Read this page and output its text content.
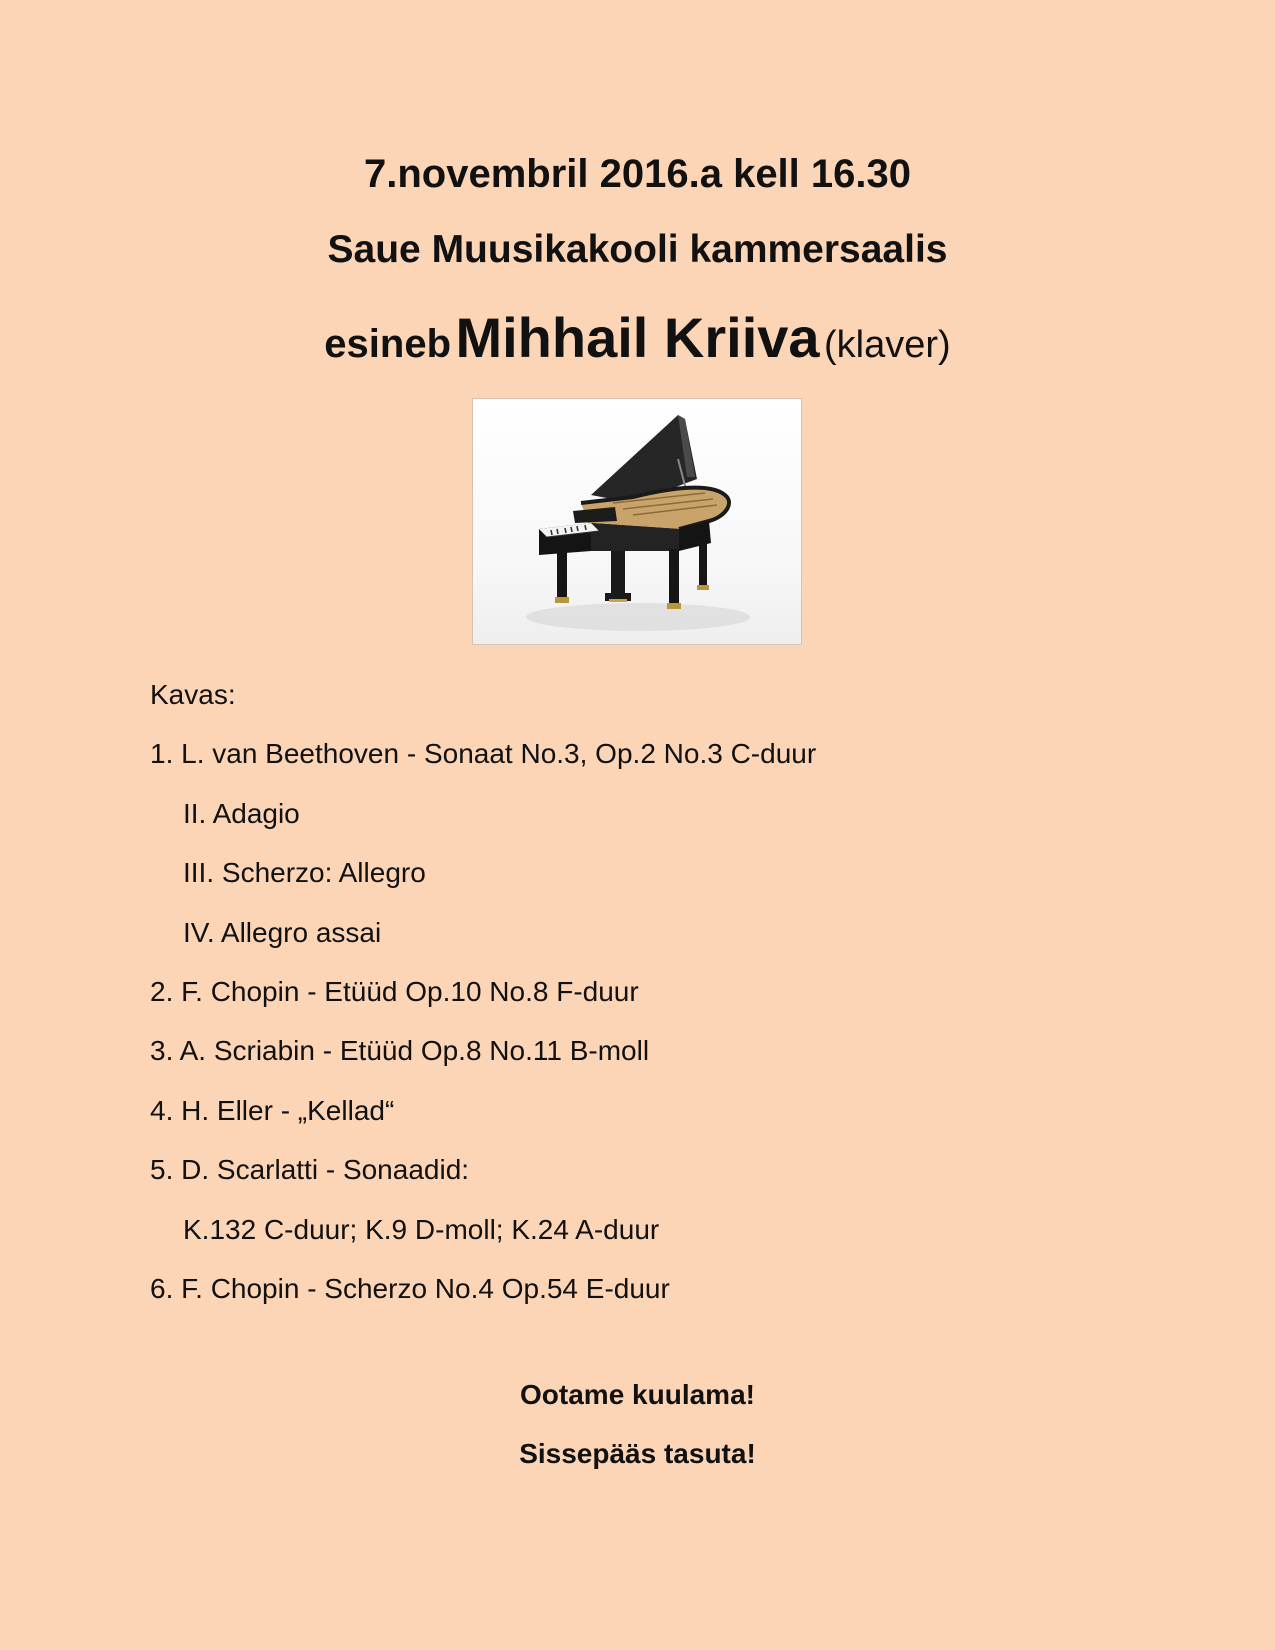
7.novembril 2016.a kell 16.30
Saue Muusikakooli kammersaalis
esineb Mihhail Kriiva (klaver)
Kavas:
1. L. van Beethoven - Sonaat No.3, Op.2 No.3 C-duur
II. Adagio
III. Scherzo: Allegro
IV. Allegro assai
2. F. Chopin - Etüüd Op.10 No.8 F-duur
3. A. Scriabin - Etüüd Op.8 No.11 B-moll
4. H. Eller - „Kellad“
5. D. Scarlatti - Sonaadid:
K.132 C-duur; K.9 D-moll; K.24 A-duur
6. F. Chopin - Scherzo No.4 Op.54 E-duur
Ootame kuulama!
Sissepääs tasuta!
